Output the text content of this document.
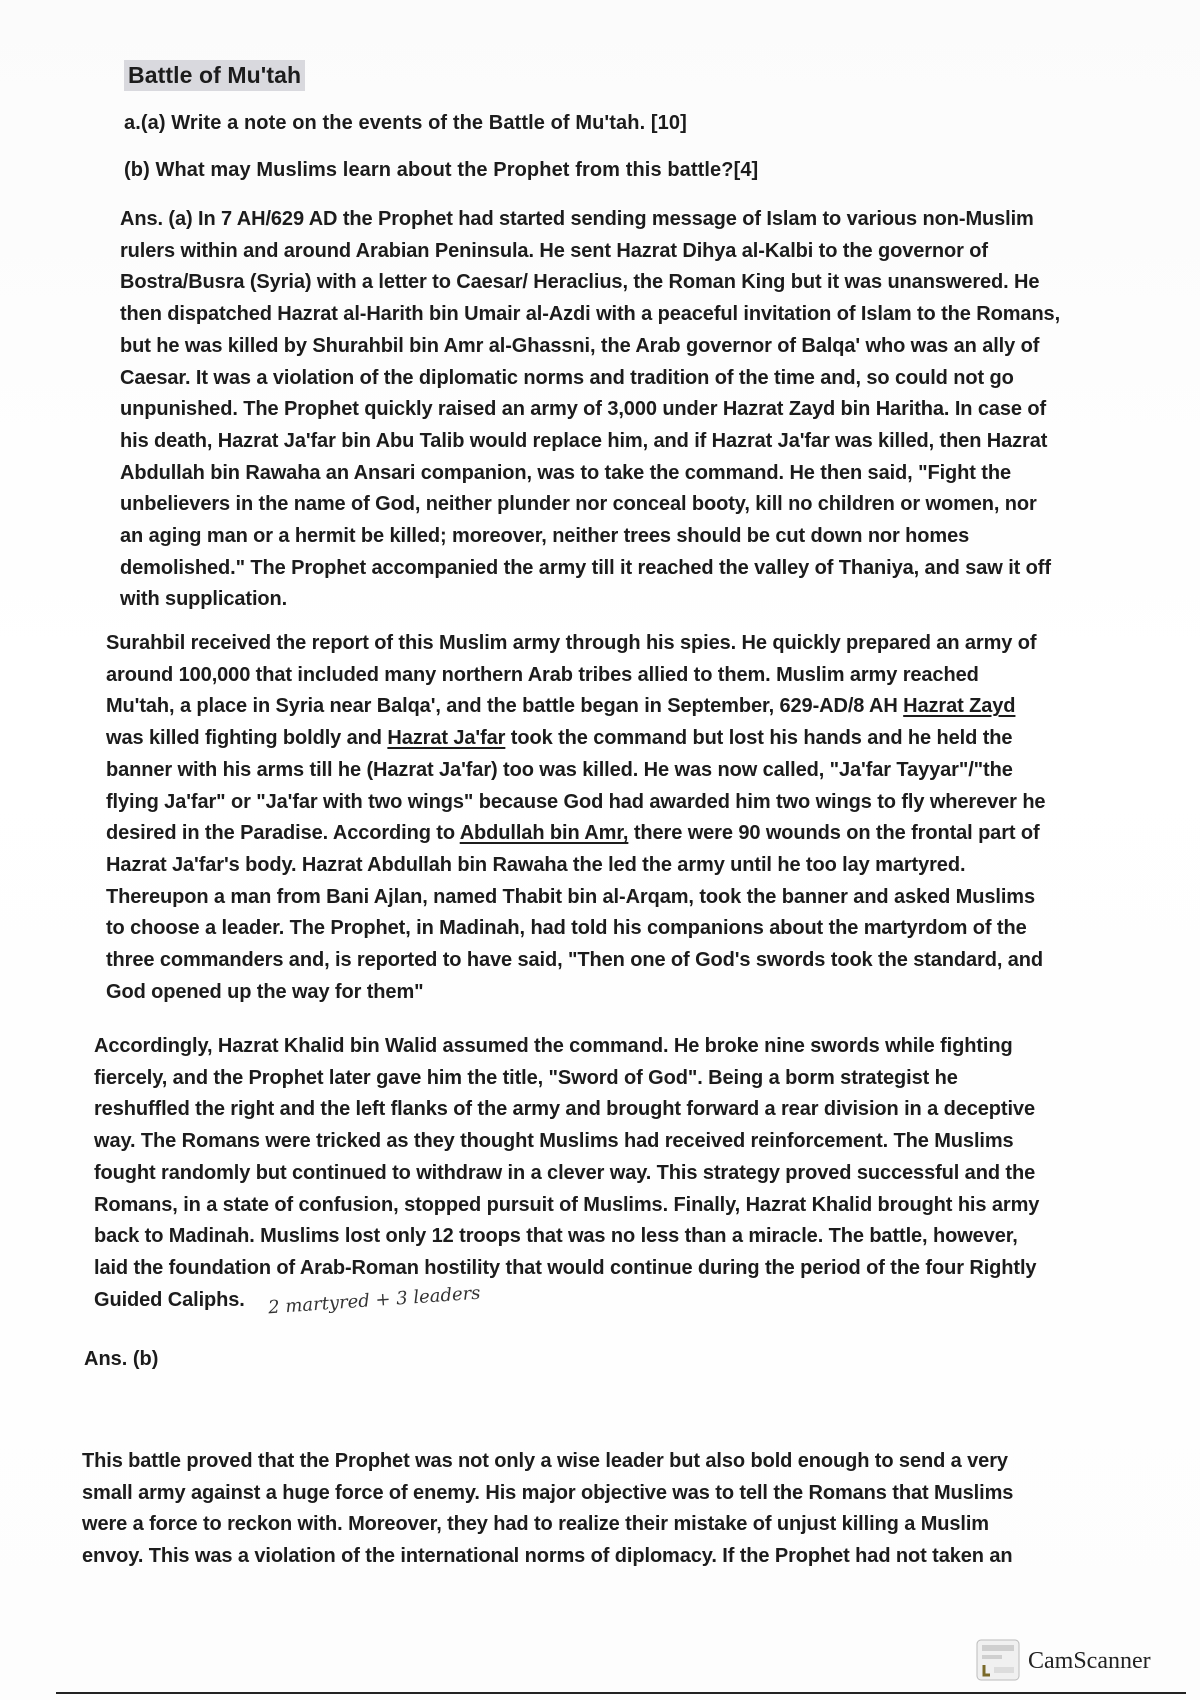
Battle of Mu'tah
a.(a) Write a note on the events of the Battle of Mu'tah. [10]
(b) What may Muslims learn about the Prophet from this battle?[4]
Ans. (a) In 7 AH/629 AD the Prophet had started sending message of Islam to various non-Muslim
rulers within and around Arabian Peninsula. He sent Hazrat Dihya al-Kalbi to the governor of
Bostra/Busra (Syria) with a letter to Caesar/ Heraclius, the Roman King but it was unanswered. He
then dispatched Hazrat al-Harith bin Umair al-Azdi with a peaceful invitation of Islam to the Romans,
but he was killed by Shurahbil bin Amr al-Ghassni, the Arab governor of Balqa' who was an ally of
Caesar. It was a violation of the diplomatic norms and tradition of the time and, so could not go
unpunished. The Prophet quickly raised an army of 3,000 under Hazrat Zayd bin Haritha. In case of
his death, Hazrat Ja'far bin Abu Talib would replace him, and if Hazrat Ja'far was killed, then Hazrat
Abdullah bin Rawaha an Ansari companion, was to take the command. He then said, "Fight the
unbelievers in the name of God, neither plunder nor conceal booty, kill no children or women, nor
an aging man or a hermit be killed; moreover, neither trees should be cut down nor homes
demolished." The Prophet accompanied the army till it reached the valley of Thaniya, and saw it off
with supplication.
Surahbil received the report of this Muslim army through his spies. He quickly prepared an army of
around 100,000 that included many northern Arab tribes allied to them. Muslim army reached
Mu'tah, a place in Syria near Balqa', and the battle began in September, 629-AD/8 AH Hazrat Zayd
was killed fighting boldly and Hazrat Ja'far took the command but lost his hands and he held the
banner with his arms till he (Hazrat Ja'far) too was killed. He was now called, "Ja'far Tayyar"/"the
flying Ja'far" or "Ja'far with two wings" because God had awarded him two wings to fly wherever he
desired in the Paradise. According to Abdullah bin Amr, there were 90 wounds on the frontal part of
Hazrat Ja'far's body. Hazrat Abdullah bin Rawaha the led the army until he too lay martyred.
Thereupon a man from Bani Ajlan, named Thabit bin al-Arqam, took the banner and asked Muslims
to choose a leader. The Prophet, in Madinah, had told his companions about the martyrdom of the
three commanders and, is reported to have said, "Then one of God's swords took the standard, and
God opened up the way for them"
Accordingly, Hazrat Khalid bin Walid assumed the command. He broke nine swords while fighting
fiercely, and the Prophet later gave him the title, "Sword of God". Being a borm strategist he
reshuffled the right and the left flanks of the army and brought forward a rear division in a deceptive
way. The Romans were tricked as they thought Muslims had received reinforcement. The Muslims
fought randomly but continued to withdraw in a clever way. This strategy proved successful and the
Romans, in a state of confusion, stopped pursuit of Muslims. Finally, Hazrat Khalid brought his army
back to Madinah. Muslims lost only 12 troops that was no less than a miracle. The battle, however,
laid the foundation of Arab-Roman hostility that would continue during the period of the four Rightly
Guided Caliphs.	2 martyred + 3 leaders
Ans. (b)
This battle proved that the Prophet was not only a wise leader but also bold enough to send a very
small army against a huge force of enemy. His major objective was to tell the Romans that Muslims
were a force to reckon with. Moreover, they had to realize their mistake of unjust killing a Muslim
envoy. This was a violation of the international norms of diplomacy. If the Prophet had not taken an
CamScanner
